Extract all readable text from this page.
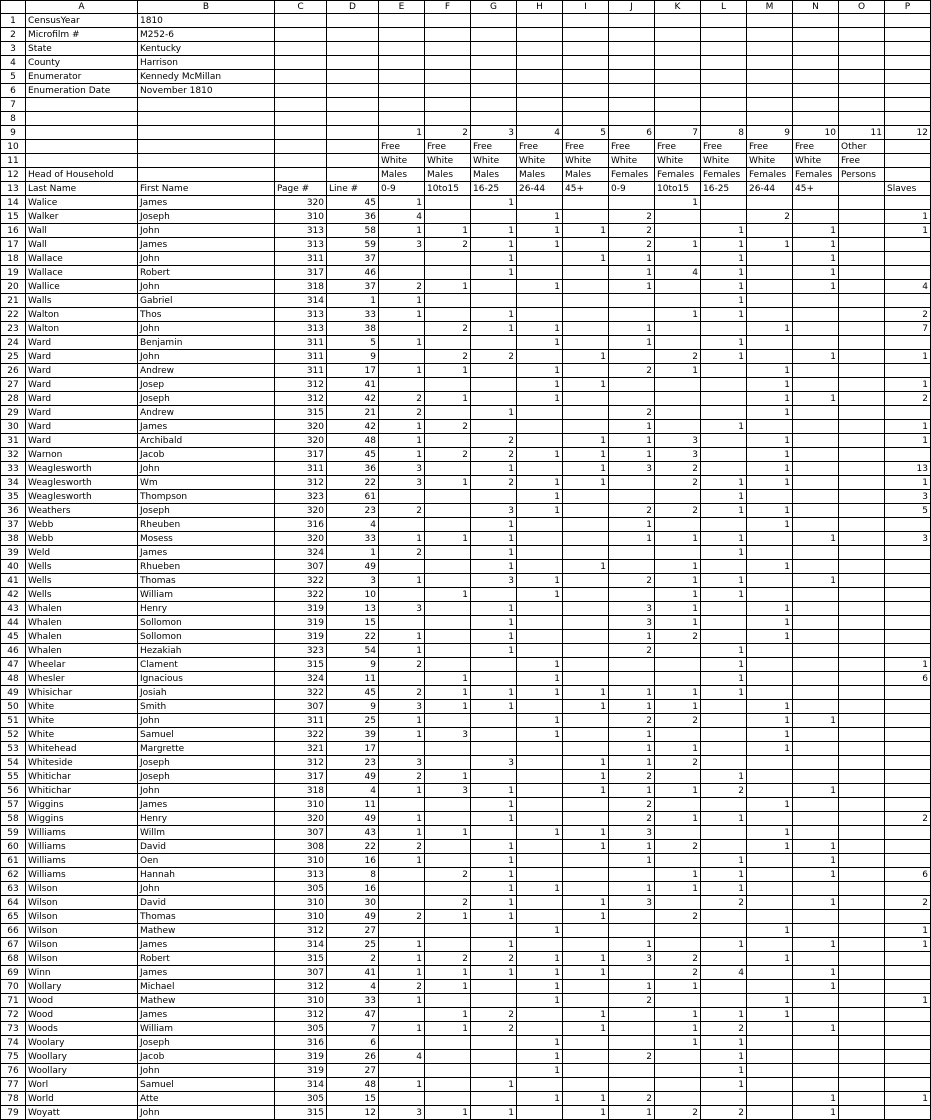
	A	B	C	D	E	F	G	H	I	J	K	L	M	N	O	P
1	CensusYear	1810														
2	Microfilm #	M252-6														
3	State	Kentucky														
4	County	Harrison														
5	Enumerator	Kennedy McMillan														
6	Enumeration Date	November 1810														
7																
8																
9					1	2	3	4	5	6	7	8	9	10	11	12
10					Free	Free	Free	Free	Free	Free	Free	Free	Free	Free	Other	
11					White	White	White	White	White	White	White	White	White	White	Free	
12	Head of Household				Males	Males	Males	Males	Males	Females	Females	Females	Females	Females	Persons	
13	Last Name	First Name	Page #	Line #	0-9	10to15	16-25	26-44	45+	0-9	10to15	16-25	26-44	45+		Slaves
14	Walice	James	320	45	1		1				1					
15	Walker	Joseph	310	36	4			1		2			2			1
16	Wall	John	313	58	1	1	1	1	1	2		1		1		1
17	Wall	James	313	59	3	2	1	1		2	1	1	1	1		
18	Wallace	John	311	37			1		1	1		1		1		
19	Wallace	Robert	317	46			1			1	4	1		1		
20	Wallice	John	318	37	2	1		1		1		1		1		4
21	Walls	Gabriel	314	1	1							1				
22	Walton	Thos	313	33	1		1				1	1				2
23	Walton	John	313	38		2	1	1		1			1			7
24	Ward	Benjamin	311	5	1			1		1		1				
25	Ward	John	311	9		2	2		1		2	1		1		1
26	Ward	Andrew	311	17	1	1		1		2	1		1			
27	Ward	Josep	312	41				1	1				1			1
28	Ward	Joseph	312	42	2	1		1					1	1		2
29	Ward	Andrew	315	21	2		1			2			1			
30	Ward	James	320	42	1	2				1		1				1
31	Ward	Archibald	320	48	1		2		1	1	3		1			1
32	Warnon	Jacob	317	45	1	2	2	1	1	1	3		1			
33	Weaglesworth	John	311	36	3		1		1	3	2		1			13
34	Weaglesworth	Wm	312	22	3	1	2	1	1		2	1	1			1
35	Weaglesworth	Thompson	323	61				1				1				3
36	Weathers	Joseph	320	23	2		3	1		2	2	1	1			5
37	Webb	Rheuben	316	4			1			1			1			
38	Webb	Mosess	320	33	1	1	1			1	1	1		1		3
39	Weld	James	324	1	2		1					1				
40	Wells	Rhueben	307	49			1		1		1		1			
41	Wells	Thomas	322	3	1		3	1		2	1	1		1		
42	Wells	William	322	10		1		1			1	1				
43	Whalen	Henry	319	13	3		1			3	1		1			
44	Whalen	Sollomon	319	15			1			3	1		1			
45	Whalen	Sollomon	319	22	1		1			1	2		1			
46	Whalen	Hezakiah	323	54	1		1			2		1				
47	Wheelar	Clament	315	9	2			1				1				1
48	Whesler	Ignacious	324	11		1		1				1				6
49	Whisichar	Josiah	322	45	2	1	1	1	1	1	1	1				
50	White	Smith	307	9	3	1	1		1	1	1		1			
51	White	John	311	25	1			1		2	2		1	1		
52	White	Samuel	322	39	1	3		1		1			1			
53	Whitehead	Margrette	321	17						1	1		1			
54	Whiteside	Joseph	312	23	3		3		1	1	2					
55	Whitichar	Joseph	317	49	2	1			1	2		1				
56	Whitichar	John	318	4	1	3	1		1	1	1	2		1		
57	Wiggins	James	310	11			1			2			1			
58	Wiggins	Henry	320	49	1		1			2	1	1				2
59	Williams	Willm	307	43	1	1		1	1	3			1			
60	Williams	David	308	22	2		1		1	1	2		1	1		
61	Williams	Oen	310	16	1		1			1		1		1		
62	Williams	Hannah	313	8		2	1				1	1		1		6
63	Wilson	John	305	16			1	1		1	1	1				
64	Wilson	David	310	30		2	1		1	3		2		1		2
65	Wilson	Thomas	310	49	2	1	1		1		2					
66	Wilson	Mathew	312	27				1					1			1
67	Wilson	James	314	25	1		1			1		1		1		1
68	Wilson	Robert	315	2	1	2	2	1	1	3	2		1			
69	Winn	James	307	41	1	1	1	1	1		2	4		1		
70	Wollary	Michael	312	4	2	1		1		1	1			1		
71	Wood	Mathew	310	33	1			1		2			1			1
72	Wood	James	312	47		1	2		1		1	1	1			
73	Woods	William	305	7	1	1	2		1		1	2		1		
74	Woolary	Joseph	316	6				1			1	1				
75	Woollary	Jacob	319	26	4			1		2		1				
76	Woollary	John	319	27				1				1				
77	Worl	Samuel	314	48	1		1					1				
78	World	Atte	305	15				1	1	2				1		1
79	Woyatt	John	315	12	3	1	1		1	1	2	2		1		
